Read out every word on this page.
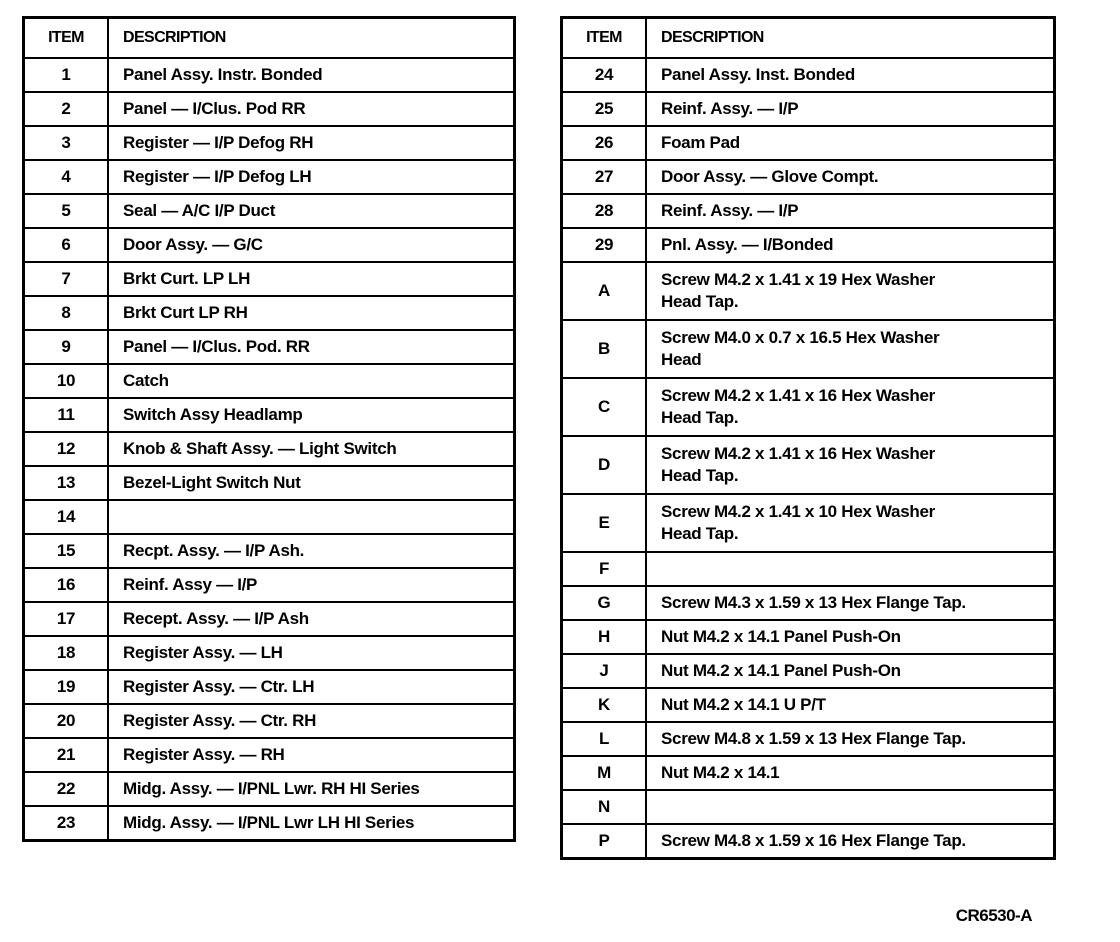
ITEM	DESCRIPTION
1	Panel Assy. Instr. Bonded
2	Panel — I/Clus. Pod RR
3	Register — I/P Defog RH
4	Register — I/P Defog LH
5	Seal — A/C I/P Duct
6	Door Assy. — G/C
7	Brkt Curt. LP LH
8	Brkt Curt LP RH
9	Panel — I/Clus. Pod. RR
10	Catch
11	Switch Assy Headlamp
12	Knob & Shaft Assy. — Light Switch
13	Bezel-Light Switch Nut
14	
15	Recpt. Assy. — I/P Ash.
16	Reinf. Assy — I/P
17	Recept. Assy. — I/P Ash
18	Register Assy. — LH
19	Register Assy. — Ctr. LH
20	Register Assy. — Ctr. RH
21	Register Assy. — RH
22	Midg. Assy. — I/PNL Lwr. RH HI Series
23	Midg. Assy. — I/PNL Lwr LH HI Series
ITEM	DESCRIPTION
24	Panel Assy. Inst. Bonded

25	Reinf. Assy. — I/P

26	Foam Pad

27	Door Assy. — Glove Compt.

28	Reinf. Assy. — I/P

29	Pnl. Assy. — I/Bonded

A	Screw M4.2 x 1.41 x 19 Hex Washer
Head Tap.

B	Screw M4.0 x 0.7 x 16.5 Hex Washer
Head

C	Screw M4.2 x 1.41 x 16 Hex Washer
Head Tap.

D	Screw M4.2 x 1.41 x 16 Hex Washer
Head Tap.

E	Screw M4.2 x 1.41 x 10 Hex Washer
Head Tap.

F	

G	Screw M4.3 x 1.59 x 13 Hex Flange Tap.

H	Nut M4.2 x 14.1 Panel Push-On

J	Nut M4.2 x 14.1 Panel Push-On

K	Nut M4.2 x 14.1 U P/T

L	Screw M4.8 x 1.59 x 13 Hex Flange Tap.

M	Nut M4.2 x 14.1

N	

P	Screw M4.8 x 1.59 x 16 Hex Flange Tap.
CR6530-A
